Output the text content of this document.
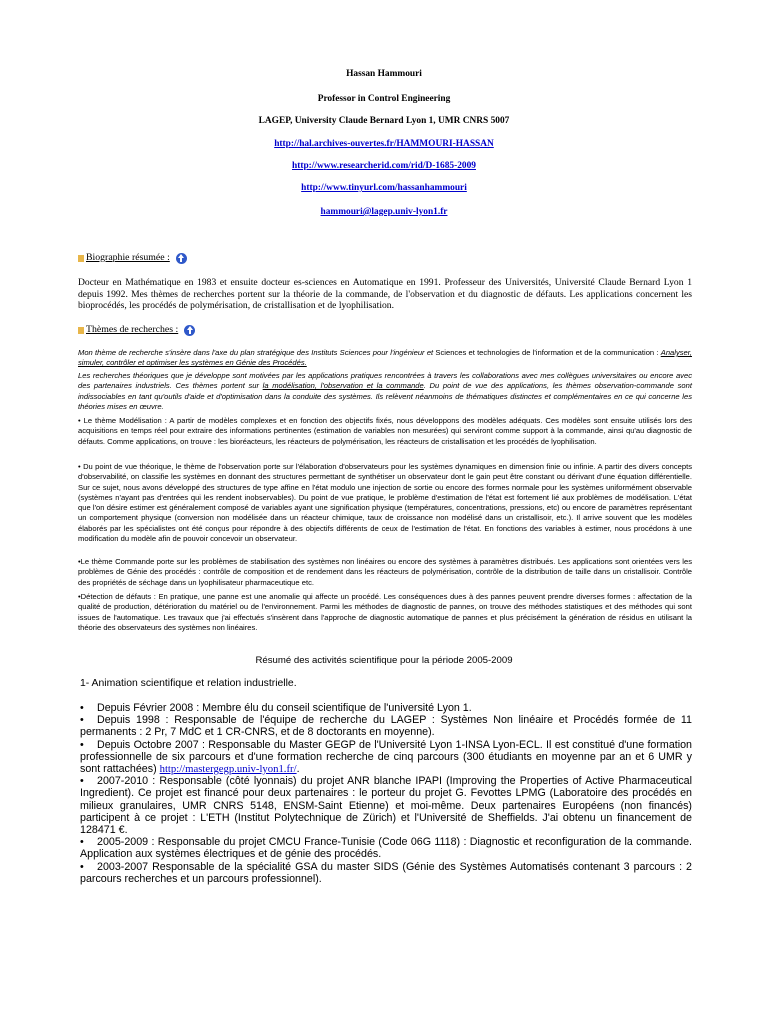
Hassan Hammouri
Professor in Control Engineering
LAGEP, University Claude Bernard Lyon 1, UMR CNRS 5007
http://hal.archives-ouvertes.fr/HAMMOURI-HASSAN
http://www.researcherid.com/rid/D-1685-2009
http://www.tinyurl.com/hassanhammouri
hammouri@lagep.univ-lyon1.fr
Biographie résumée :
Docteur en Mathématique en 1983 et ensuite docteur es-sciences en Automatique en 1991. Professeur des Universités, Université Claude Bernard Lyon 1 depuis 1992. Mes thèmes de recherches portent sur la théorie de la commande, de l'observation et du diagnostic de défauts. Les applications concernent les bioprocédés, les procédés de polymérisation, de cristallisation et de lyophilisation.
Thèmes de recherches :
Mon thème de recherche s'insère dans l'axe du plan stratégique des Instituts Sciences pour l'ingénieur et Sciences et technologies de l'information et de la communication : Analyser, simuler, contrôler et optimiser les systèmes en Génie des Procédés.
Les recherches théoriques que je développe sont motivées par les applications pratiques rencontrées à travers les collaborations avec mes collègues universitaires ou encore avec des partenaires industriels. Ces thèmes portent sur la modélisation, l'observation et la commande. Du point de vue des applications, les thèmes observation-commande sont indissociables en tant qu'outils d'aide et d'optimisation dans la conduite des systèmes. Ils relèvent néanmoins de thématiques distinctes et complémentaires en ce qui concerne les théories mises en œuvre.
• Le thème Modélisation : A partir de modèles complexes et en fonction des objectifs fixés, nous développons des modèles adéquats. Ces modèles sont ensuite utilisés lors des acquisitions en temps réel pour extraire des informations pertinentes (estimation de variables non mesurées) qui serviront comme support à la commande, ainsi qu'au diagnostic de défauts. Comme applications, on trouve : les bioréacteurs, les réacteurs de polymérisation, les réacteurs de cristallisation et les procédés de lyophilisation.
• Du point de vue théorique, le thème de l'observation porte sur l'élaboration d'observateurs pour les systèmes dynamiques en dimension finie ou infinie. A partir des divers concepts d'observabilité, on classifie les systèmes en donnant des structures permettant de synthétiser un observateur dont le gain peut être constant ou dérivant d'une équation différentielle. Sur ce sujet, nous avons développé des structures de type affine en l'état modulo une injection de sortie ou encore des formes normale pour les systèmes uniformément observable (systèmes n'ayant pas d'entrées qui les rendent inobservables). Du point de vue pratique, le problème d'estimation de l'état est fortement lié aux problèmes de modélisation. L'état que l'on désire estimer est généralement composé de variables ayant une signification physique (températures, concentrations, pressions, etc) ou encore de paramètres représentant un comportement physique (conversion non modélisée dans un réacteur chimique, taux de croissance non modélisé dans un cristallisoir, etc.). Il arrive souvent que les modèles élaborés par les spécialistes ont été conçus pour répondre à des objectifs différents de ceux de l'estimation de l'état. En fonctions des variables à estimer, nous procédons à une modification du modèle afin de pouvoir concevoir un observateur.
•Le thème Commande porte sur les problèmes de stabilisation des systèmes non linéaires ou encore des systèmes à paramètres distribués. Les applications sont orientées vers les problèmes de Génie des procédés : contrôle de composition et de rendement dans les réacteurs de polymérisation, contrôle de la distribution de taille dans un cristallisoir. Contrôle des propriétés de séchage dans un lyophilisateur pharmaceutique etc.
•Détection de défauts : En pratique, une panne est une anomalie qui affecte un procédé. Les conséquences dues à des pannes peuvent prendre diverses formes : affectation de la qualité de production, détérioration du matériel ou de l'environnement. Parmi les méthodes de diagnostic de pannes, on trouve des méthodes statistiques et des méthodes qui sont issues de l'automatique. Les travaux que j'ai effectués s'insèrent dans l'approche de diagnostic automatique de pannes et plus précisément la génération de résidus en utilisant la théorie des observateurs des systèmes non linéaires.
Résumé des activités scientifique pour la période 2005-2009
1- Animation scientifique et relation industrielle.
• Depuis Février 2008 : Membre élu du conseil scientifique de l'université Lyon 1.
• Depuis 1998 : Responsable de l'équipe de recherche du LAGEP : Systèmes Non linéaire et Procédés formée de 11 permanents : 2 Pr, 7 MdC et 1 CR-CNRS, et de 8 doctorants en moyenne).
• Depuis Octobre 2007 : Responsable du Master GEGP de l'Université Lyon 1-INSA Lyon-ECL. Il est constitué d'une formation professionnelle de six parcours et d'une formation recherche de cinq parcours (300 étudiants en moyenne par an et 6 UMR y sont rattachées) http://mastergegp.univ-lyon1.fr/.
• 2007-2010 : Responsable (côté lyonnais) du projet ANR blanche IPAPI (Improving the Properties of Active Pharmaceutical Ingredient). Ce projet est financé pour deux partenaires : le porteur du projet G. Fevottes LPMG (Laboratoire des procédés en milieux granulaires, UMR CNRS 5148, ENSM-Saint Etienne) et moi-même. Deux partenaires Européens (non financés) participent à ce projet : L'ETH (Institut Polytechnique de Zürich) et l'Université de Sheffields. J'ai obtenu un financement de 128471 €.
• 2005-2009 : Responsable du projet CMCU France-Tunisie (Code 06G 1118) : Diagnostic et reconfiguration de la commande. Application aux systèmes électriques et de génie des procédés.
• 2003-2007 Responsable de la spécialité GSA du master SIDS (Génie des Systèmes Automatisés contenant 3 parcours : 2 parcours recherches et un parcours professionnel).
